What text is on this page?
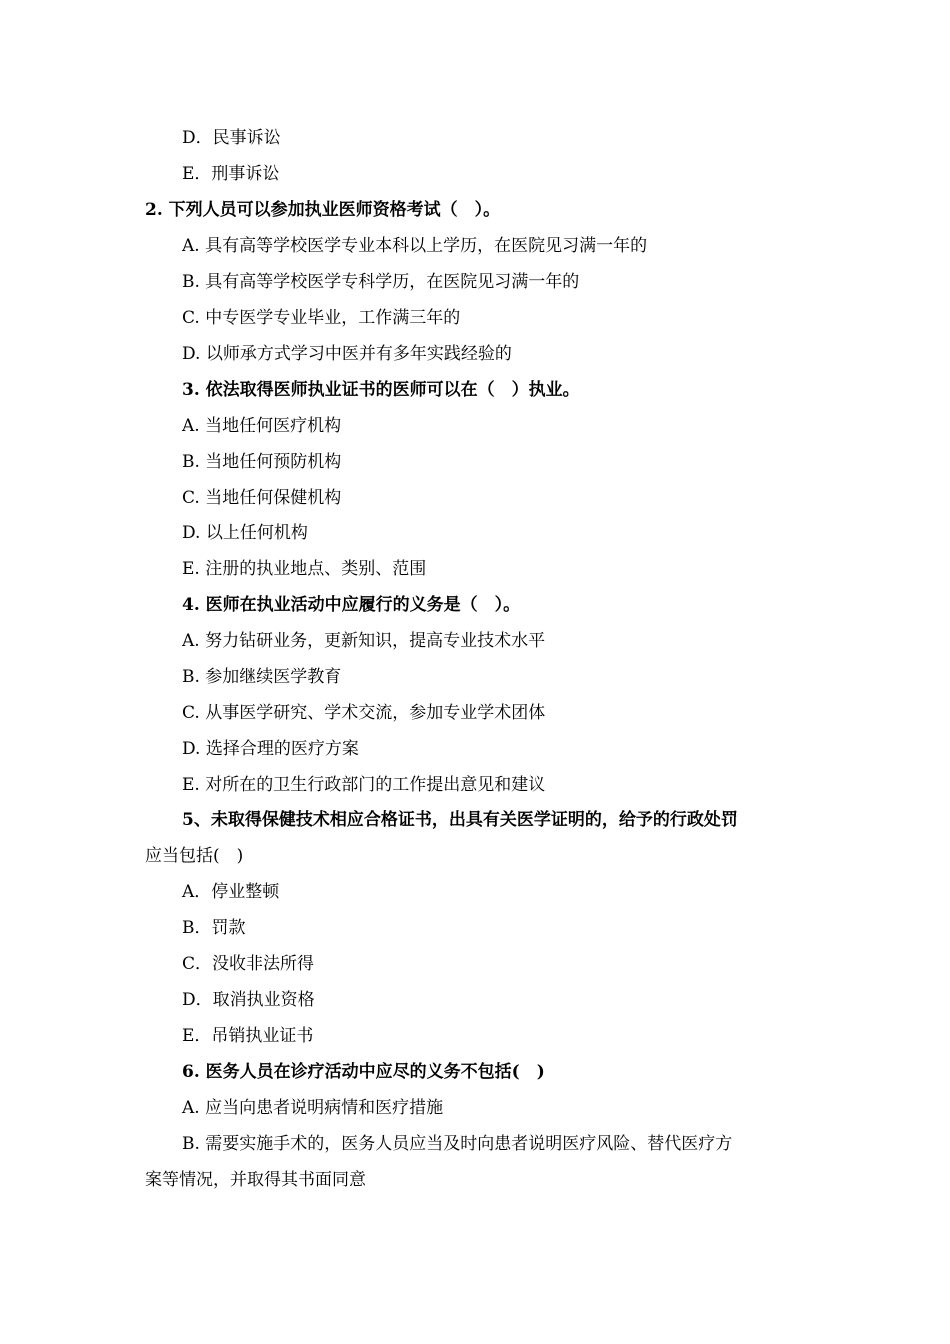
D．民事诉讼
E．刑事诉讼
2. 下列人员可以参加执业医师资格考试（　）。
A. 具有高等学校医学专业本科以上学历，在医院见习满一年的
B. 具有高等学校医学专科学历，在医院见习满一年的
C. 中专医学专业毕业，工作满三年的
D. 以师承方式学习中医并有多年实践经验的
3. 依法取得医师执业证书的医师可以在（　）执业。
A. 当地任何医疗机构
B. 当地任何预防机构
C. 当地任何保健机构
D. 以上任何机构
E. 注册的执业地点、类别、范围
4. 医师在执业活动中应履行的义务是（　）。
A. 努力钻研业务，更新知识，提高专业技术水平
B. 参加继续医学教育
C. 从事医学研究、学术交流，参加专业学术团体
D. 选择合理的医疗方案
E. 对所在的卫生行政部门的工作提出意见和建议
5、未取得保健技术相应合格证书，出具有关医学证明的，给予的行政处罚
应当包括(　)
A．停业整顿
B．罚款
C．没收非法所得
D．取消执业资格
E．吊销执业证书
6. 医务人员在诊疗活动中应尽的义务不包括(　)
A. 应当向患者说明病情和医疗措施
B. 需要实施手术的，医务人员应当及时向患者说明医疗风险、替代医疗方
案等情况，并取得其书面同意
